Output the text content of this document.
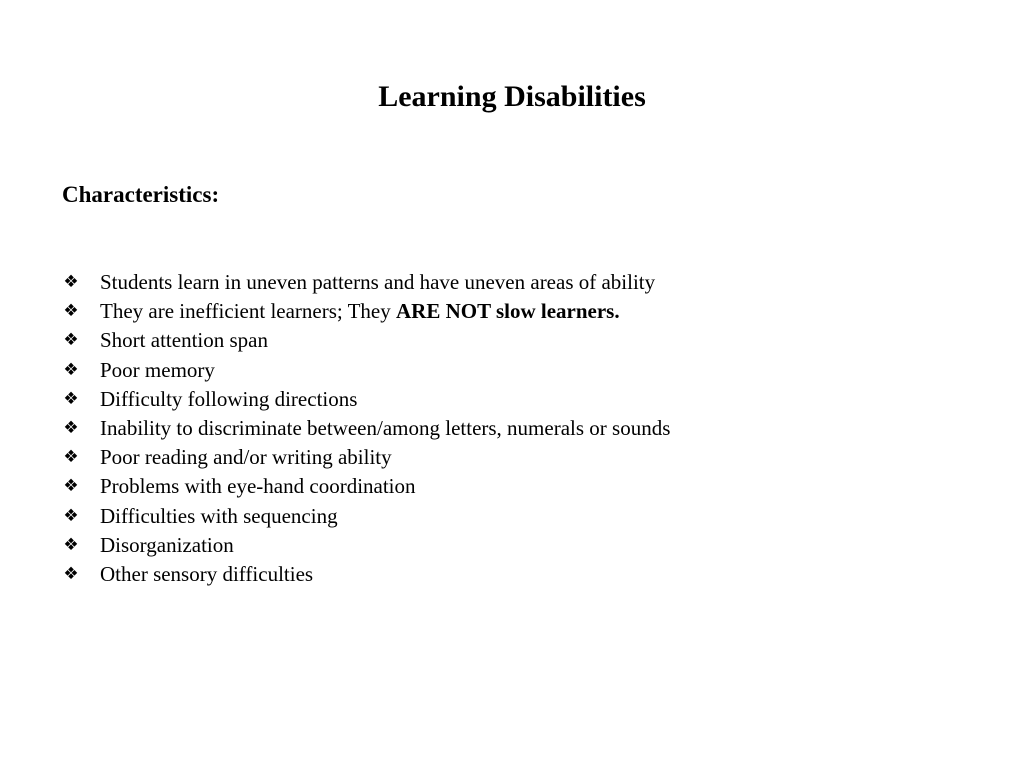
Learning Disabilities
Characteristics:
❖ Students learn in uneven patterns and have uneven areas of ability
❖ They are inefficient learners; They ARE NOT slow learners.
❖ Short attention span
❖ Poor memory
❖ Difficulty following directions
❖ Inability to discriminate between/among letters, numerals or sounds
❖ Poor reading and/or writing ability
❖ Problems with eye-hand coordination
❖ Difficulties with sequencing
❖ Disorganization
❖ Other sensory difficulties
